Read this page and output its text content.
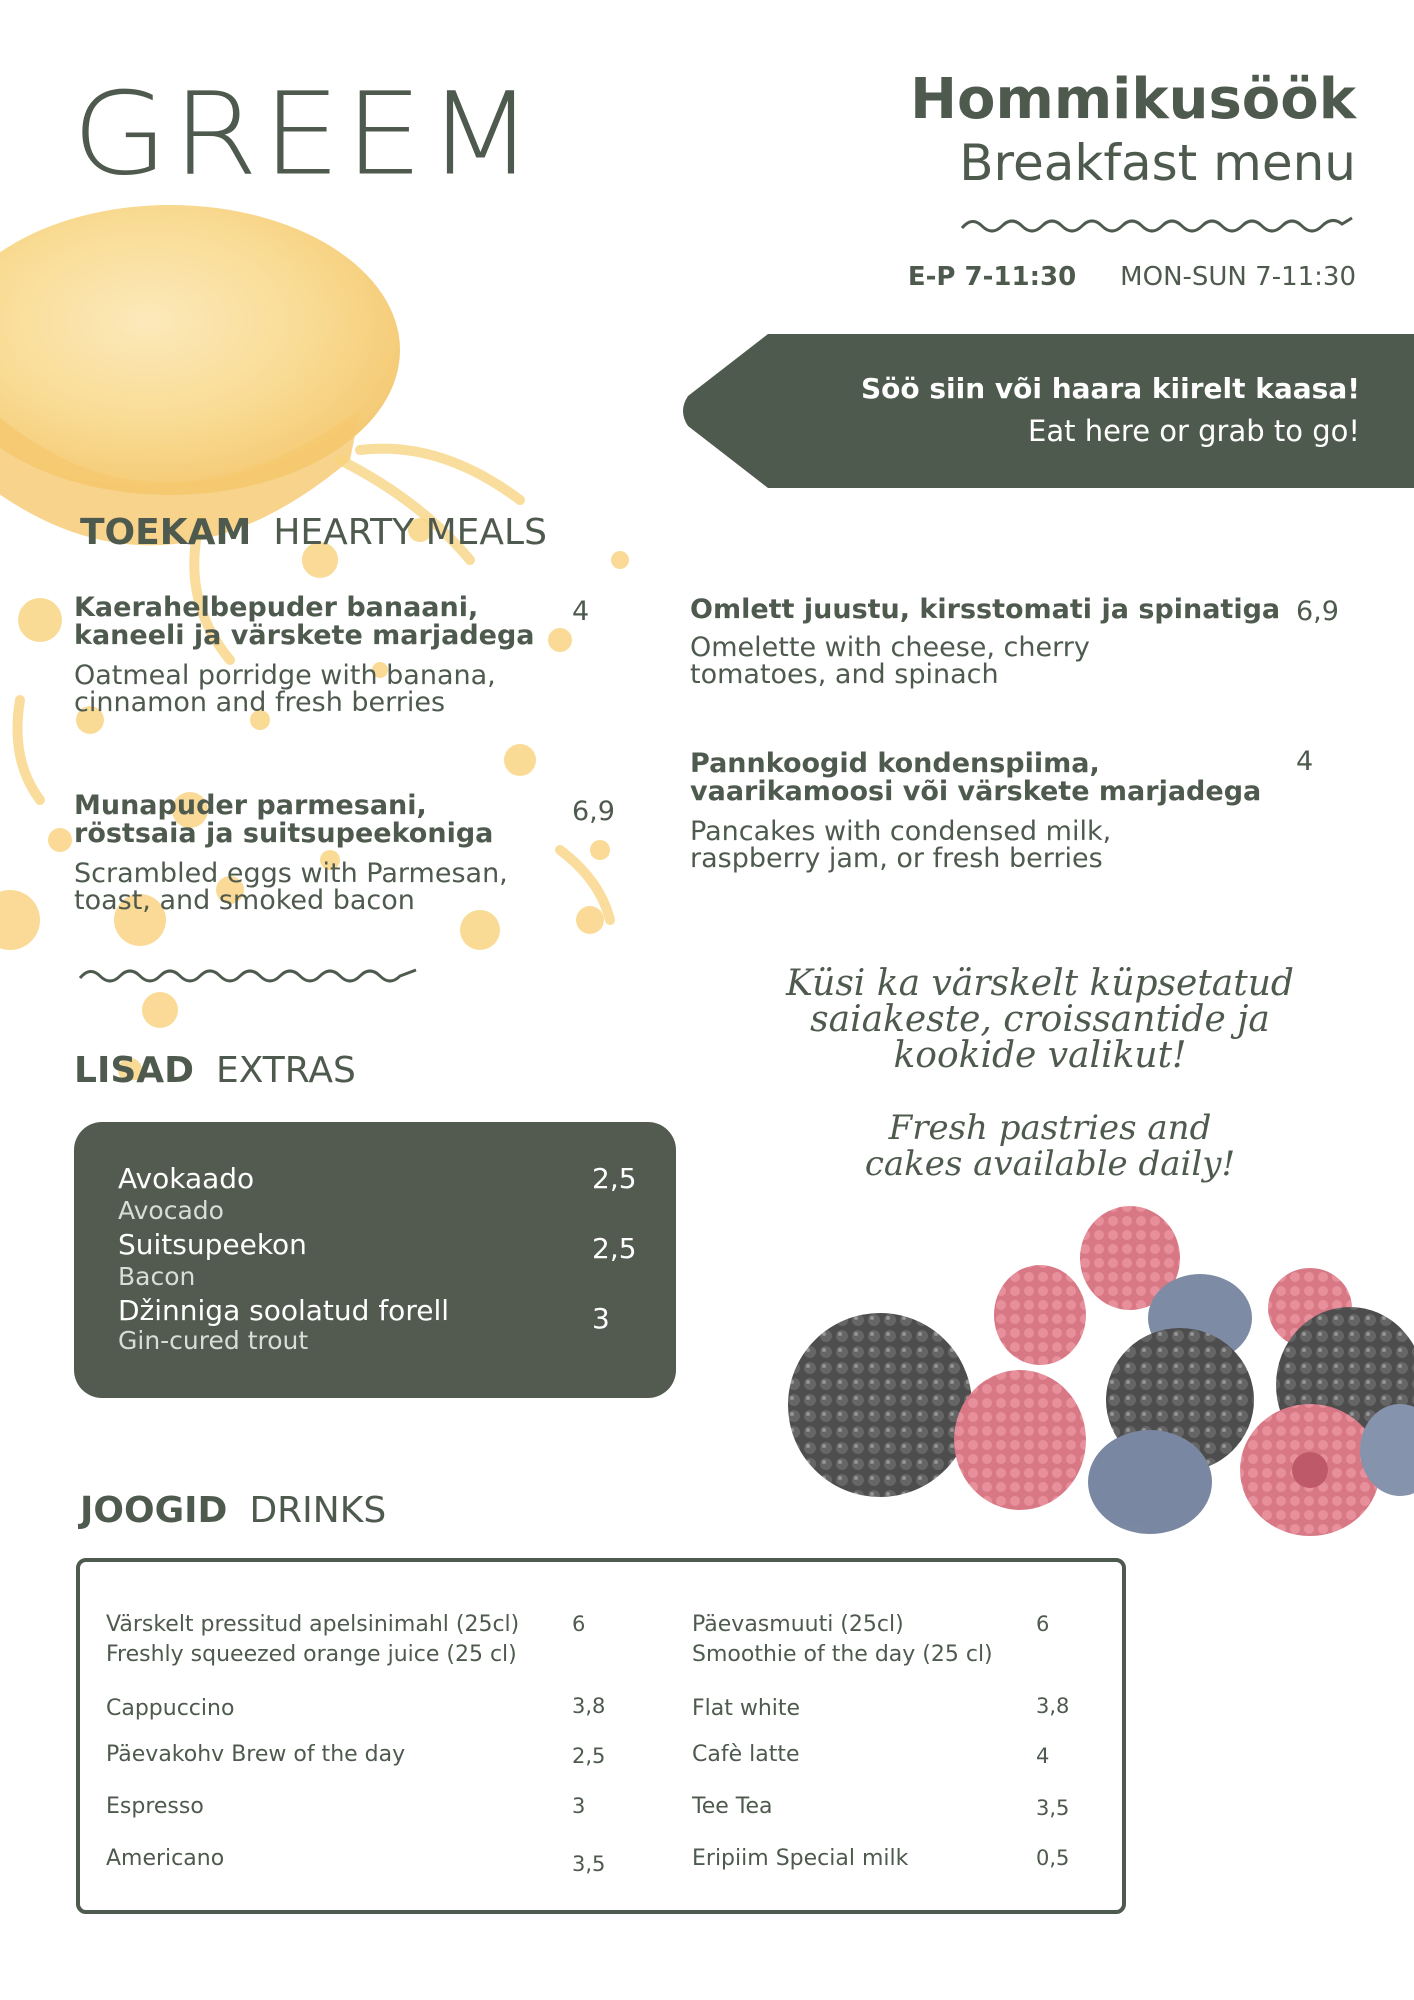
GREEM	Hommikusöök
Breakfast menu
E-P 7-11:30 MON-SUN 7-11:30
Söö siin või haara kiirelt kaasa!
Eat here or grab to go!
TOEKAM HEARTY MEALS
Kaerahelbepuder banaani,
kaneeli ja värskete marjadega
Oatmeal porridge with banana,
cinnamon and fresh berries
4
Munapuder parmesani,
röstsaia ja suitsupeekoniga
Scrambled eggs with Parmesan,
toast, and smoked bacon
6,9
Omlett juustu, kirsstomati ja spinatiga
Omelette with cheese, cherry
tomatoes, and spinach
6,9
Pannkoogid kondenspiima,
vaarikamoosi või värskete marjadega
Pancakes with condensed milk,
raspberry jam, or fresh berries
4
LISAD EXTRAS
Avokaado
Avocado
2,5
Suitsupeekon
Bacon
2,5
Džinniga soolatud forell
Gin-cured trout
3
Küsi ka värskelt küpsetatud
saiakeste, croissantide ja
kookide valikut!
Fresh pastries and
cakes available daily!
JOOGID DRINKS
Värskelt pressitud apelsinimahl (25cl)
Freshly squeezed orange juice (25 cl)
6
Cappuccino	3,8
Päevakohv Brew of the day	2,5
Espresso	3
Americano	3,5
Päevasmuuti (25cl)
Smoothie of the day (25 cl)
6
Flat white	3,8
Cafè latte	4
Tee Tea	3,5
Eripiim Special milk	0,5
